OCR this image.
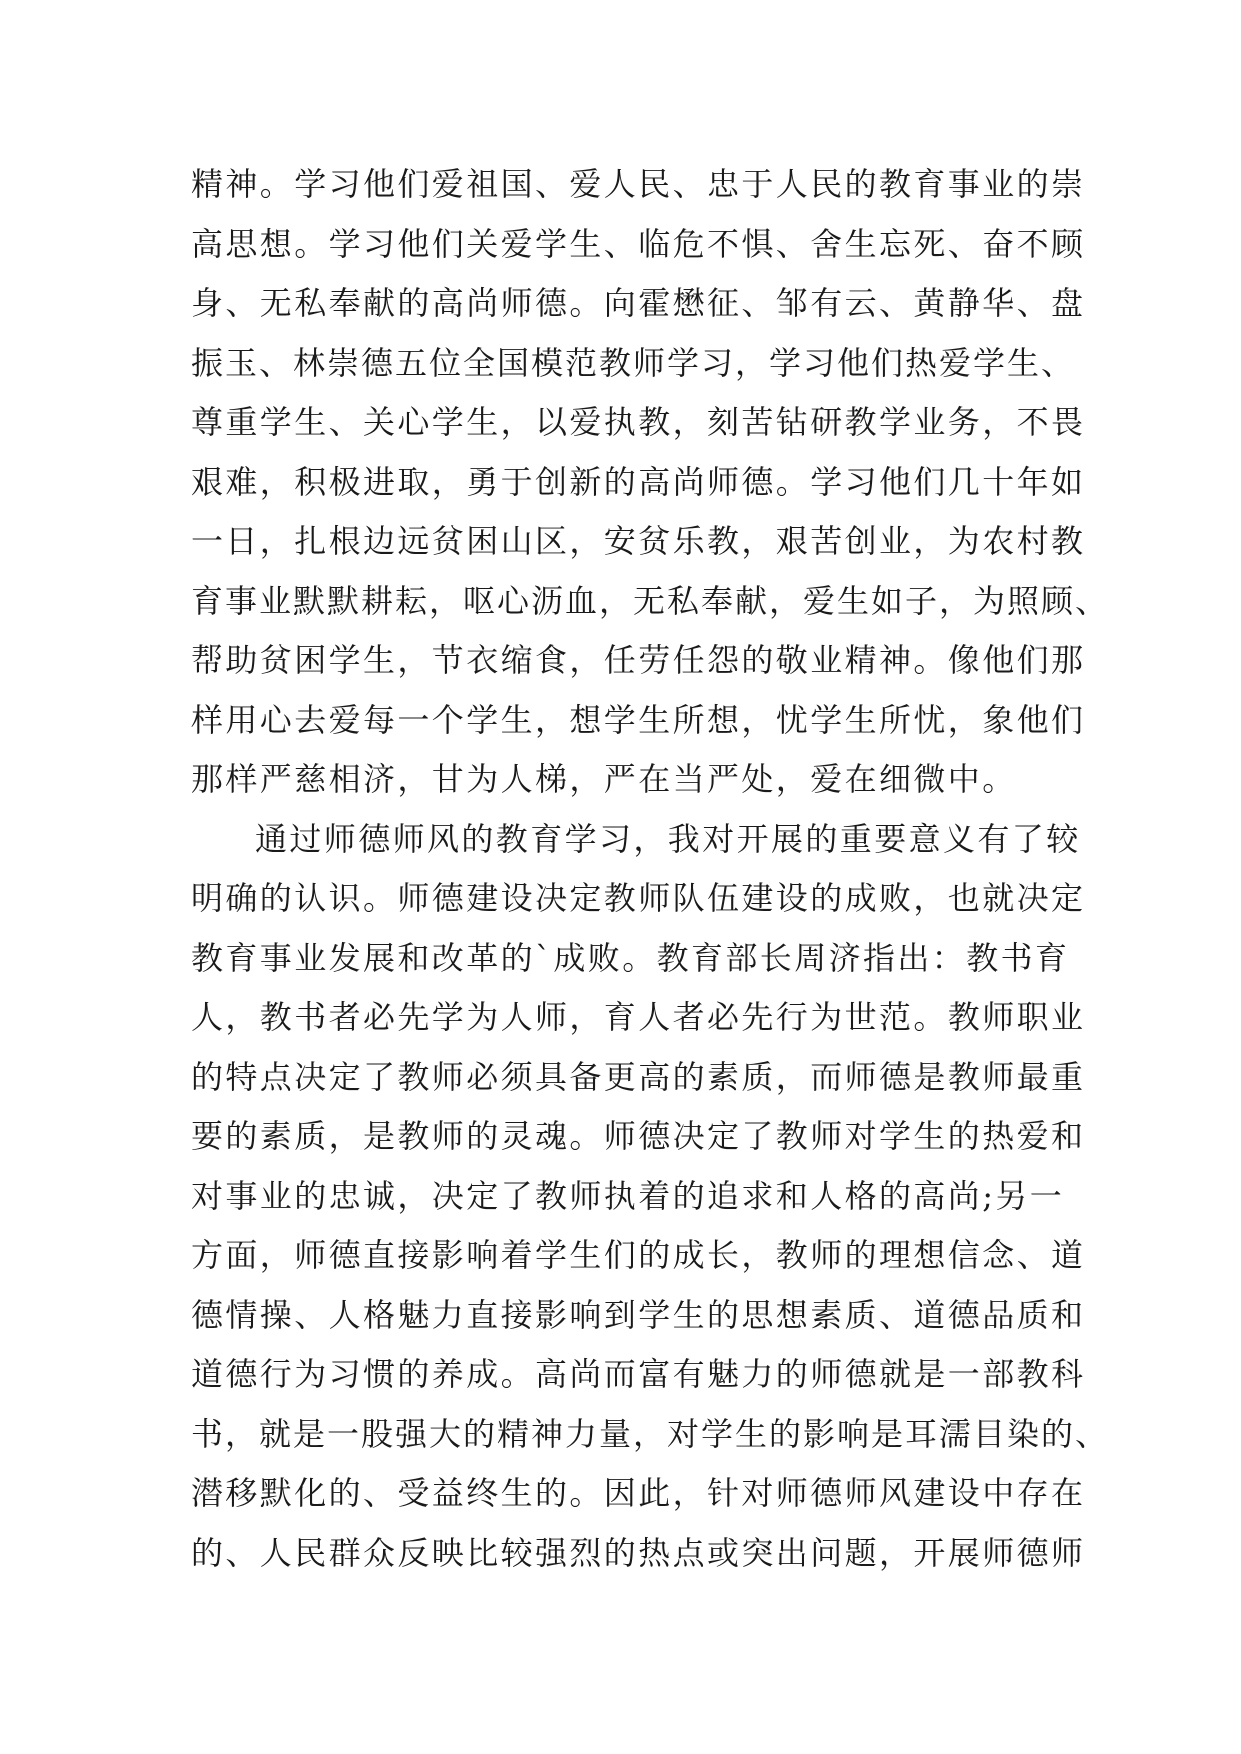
精神。学习他们爱祖国、爱人民、忠于人民的教育事业的崇
高思想。学习他们关爱学生、临危不惧、舍生忘死、奋不顾
身、无私奉献的高尚师德。向霍懋征、邹有云、黄静华、盘
振玉、林崇德五位全国模范教师学习，学习他们热爱学生、
尊重学生、关心学生，以爱执教，刻苦钻研教学业务，不畏
艰难，积极进取，勇于创新的高尚师德。学习他们几十年如
一日，扎根边远贫困山区，安贫乐教，艰苦创业，为农村教
育事业默默耕耘，呕心沥血，无私奉献，爱生如子，为照顾、
帮助贫困学生，节衣缩食，任劳任怨的敬业精神。像他们那
样用心去爱每一个学生，想学生所想，忧学生所忧，象他们
那样严慈相济，甘为人梯，严在当严处，爱在细微中。
通过师德师风的教育学习，我对开展的重要意义有了较
明确的认识。师德建设决定教师队伍建设的成败，也就决定
教育事业发展和改革的`成败。教育部长周济指出：教书育
人，教书者必先学为人师，育人者必先行为世范。教师职业
的特点决定了教师必须具备更高的素质，而师德是教师最重
要的素质，是教师的灵魂。师德决定了教师对学生的热爱和
对事业的忠诚，决定了教师执着的追求和人格的高尚;另一
方面，师德直接影响着学生们的成长，教师的理想信念、道
德情操、人格魅力直接影响到学生的思想素质、道德品质和
道德行为习惯的养成。高尚而富有魅力的师德就是一部教科
书，就是一股强大的精神力量，对学生的影响是耳濡目染的、
潜移默化的、受益终生的。因此，针对师德师风建设中存在
的、人民群众反映比较强烈的热点或突出问题，开展师德师
